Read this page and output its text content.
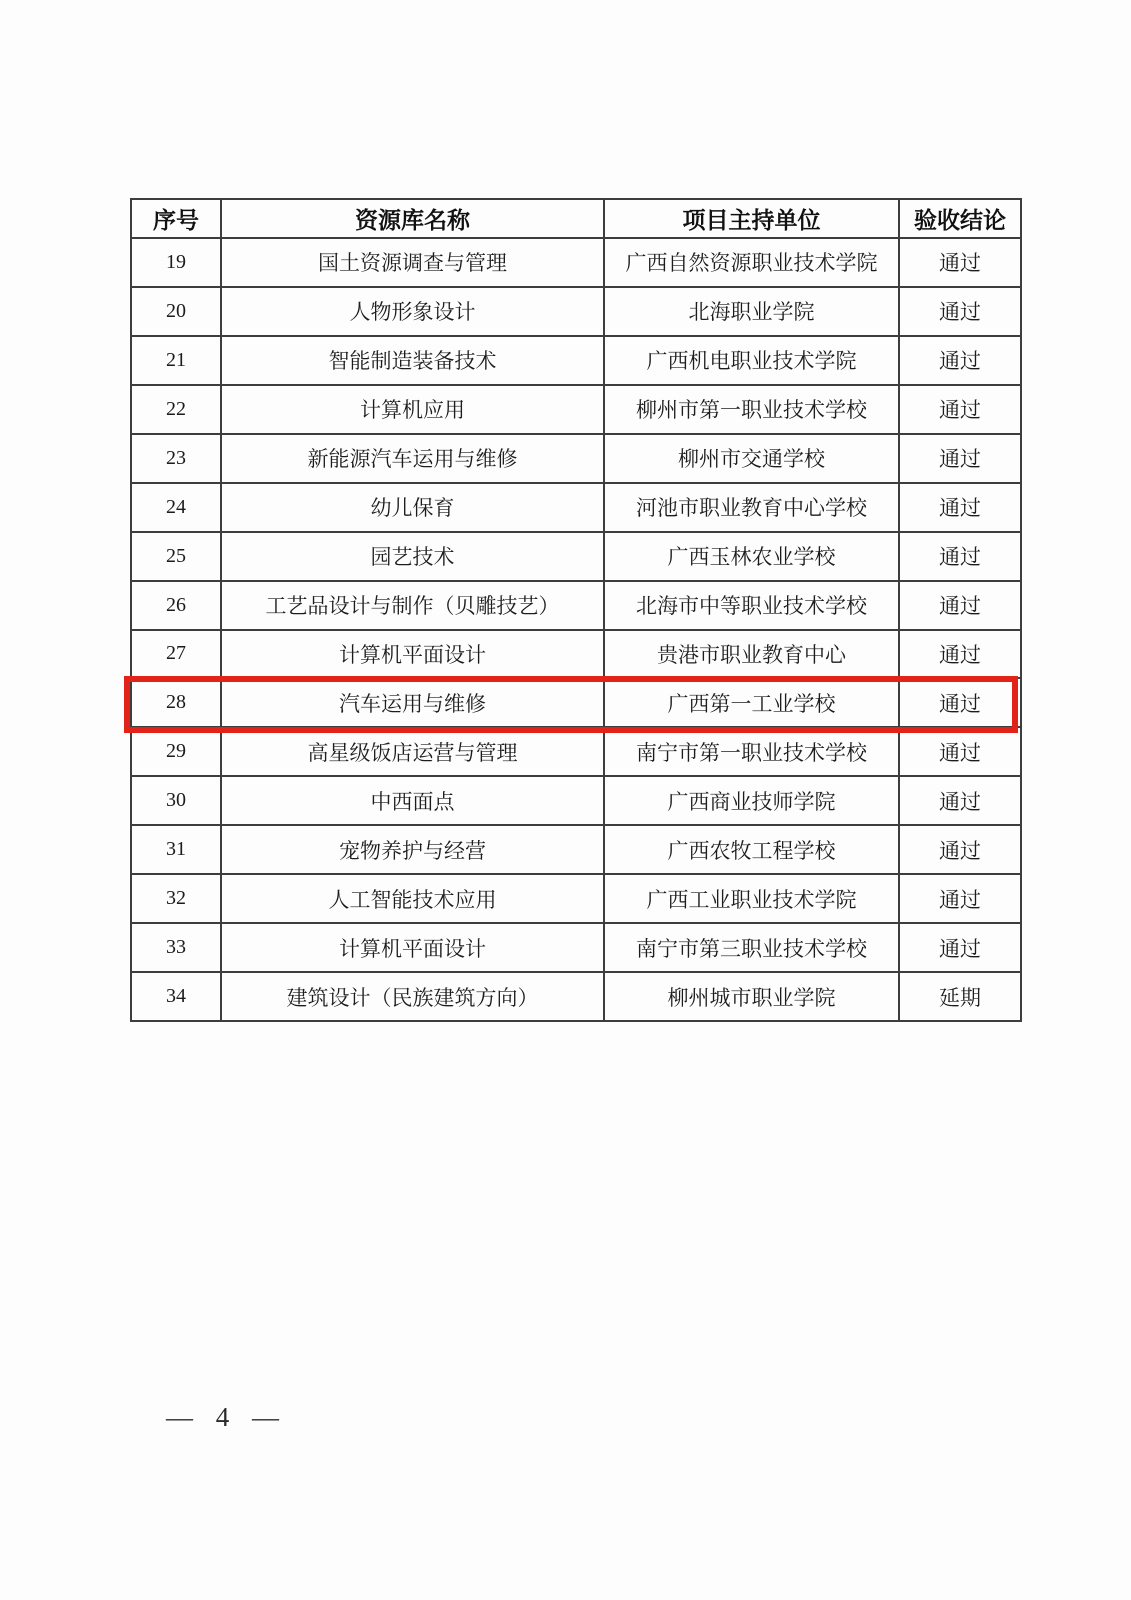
序号	资源库名称	项目主持单位	验收结论
19	国土资源调查与管理	广西自然资源职业技术学院	通过
20	人物形象设计	北海职业学院	通过
21	智能制造装备技术	广西机电职业技术学院	通过
22	计算机应用	柳州市第一职业技术学校	通过
23	新能源汽车运用与维修	柳州市交通学校	通过
24	幼儿保育	河池市职业教育中心学校	通过
25	园艺技术	广西玉林农业学校	通过
26	工艺品设计与制作（贝雕技艺）	北海市中等职业技术学校	通过
27	计算机平面设计	贵港市职业教育中心	通过
28	汽车运用与维修	广西第一工业学校	通过
29	高星级饭店运营与管理	南宁市第一职业技术学校	通过
30	中西面点	广西商业技师学院	通过
31	宠物养护与经营	广西农牧工程学校	通过
32	人工智能技术应用	广西工业职业技术学院	通过
33	计算机平面设计	南宁市第三职业技术学校	通过
34	建筑设计（民族建筑方向）	柳州城市职业学院	延期
— 4 —
